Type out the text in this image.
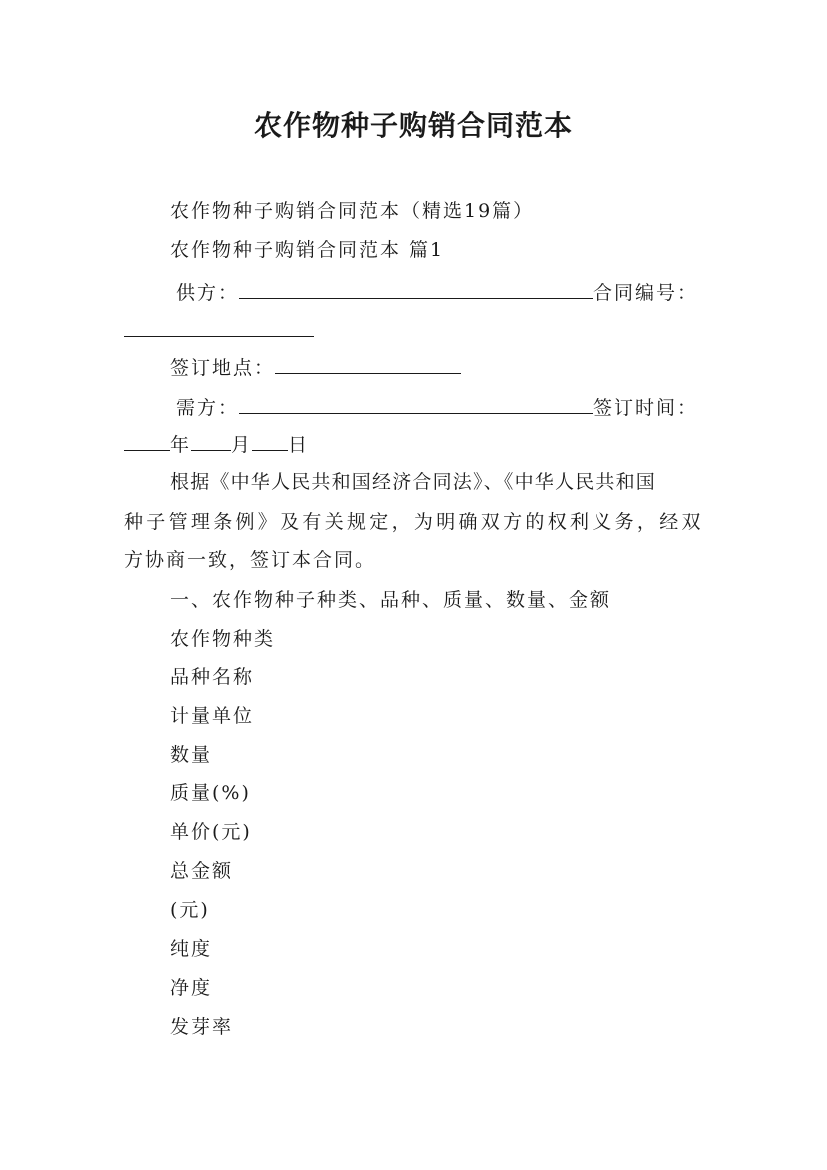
农作物种子购销合同范本
农作物种子购销合同范本（精选19篇）
农作物种子购销合同范本 篇1
供方：	合同编号：
签订地点：
需方：	签订时间：
年 月 日
根据《中华人民共和国经济合同法》、《中华人民共和国
种子管理条例》及有关规定，为明确双方的权利义务，经双
方协商一致，签订本合同。
一、农作物种子种类、品种、质量、数量、金额
农作物种类
品种名称
计量单位
数量
质量(%)
单价(元)
总金额
(元)
纯度
净度
发芽率
